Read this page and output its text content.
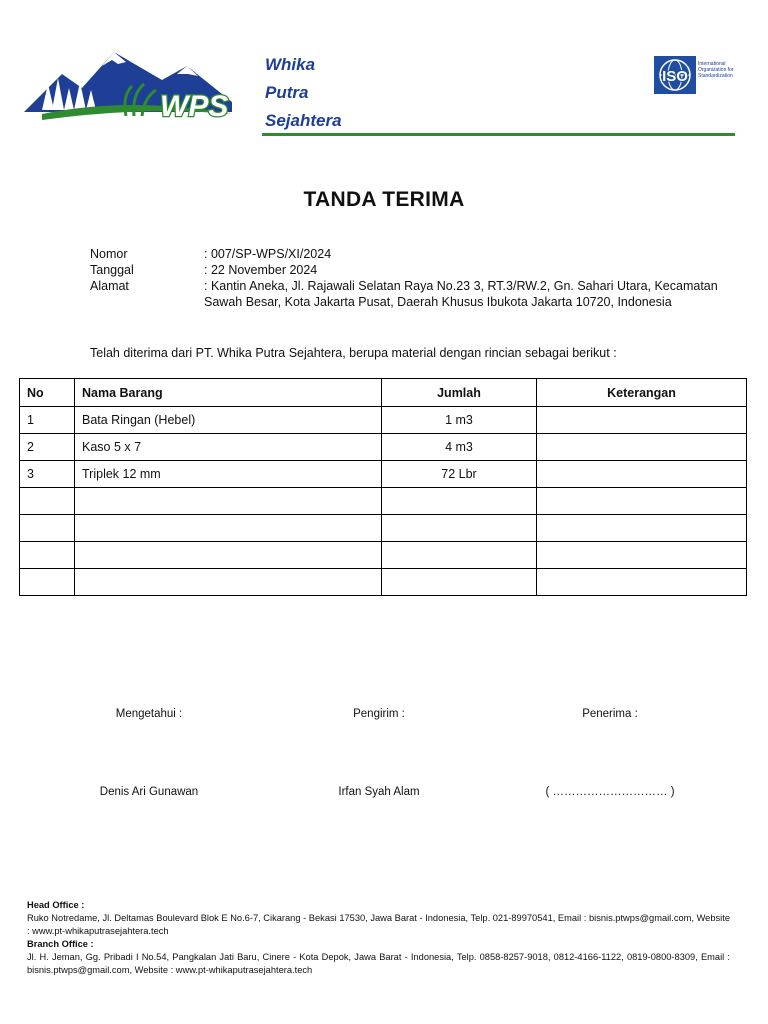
WPS
Whika
Putra
Sejahtera
ISO
International Organization for Standardization
TANDA TERIMA
Nomor	: 007/SP-WPS/XI/2024
Tanggal	: 22 November 2024
Alamat	: Kantin Aneka, Jl. Rajawali Selatan Raya No.23 3, RT.3/RW.2, Gn. Sahari Utara, Kecamatan Sawah Besar, Kota Jakarta Pusat, Daerah Khusus Ibukota Jakarta 10720, Indonesia
Telah diterima dari PT. Whika Putra Sejahtera, berupa material dengan rincian sebagai berikut :
No	Nama Barang	Jumlah	Keterangan
1	Bata Ringan (Hebel)	1 m3	
2	Kaso 5 x 7	4 m3	
3	Triplek 12 mm	72 Lbr	

Mengetahui :	Pengirim :	Penerima :
Denis Ari Gunawan	Irfan Syah Alam	( ………………………… )
Head Office :
Ruko Notredame, Jl. Deltamas Boulevard Blok E No.6-7, Cikarang - Bekasi 17530, Jawa Barat - Indonesia, Telp. 021-89970541, Email : bisnis.ptwps@gmail.com, Website : www.pt-whikaputrasejahtera.tech
Branch Office :
Jl. H. Jeman, Gg. Pribadi I No.54, Pangkalan Jati Baru, Cinere - Kota Depok, Jawa Barat - Indonesia, Telp. 0858-8257-9018, 0812-4166-1122, 0819-0800-8309, Email : bisnis.ptwps@gmail.com, Website : www.pt-whikaputrasejahtera.tech
